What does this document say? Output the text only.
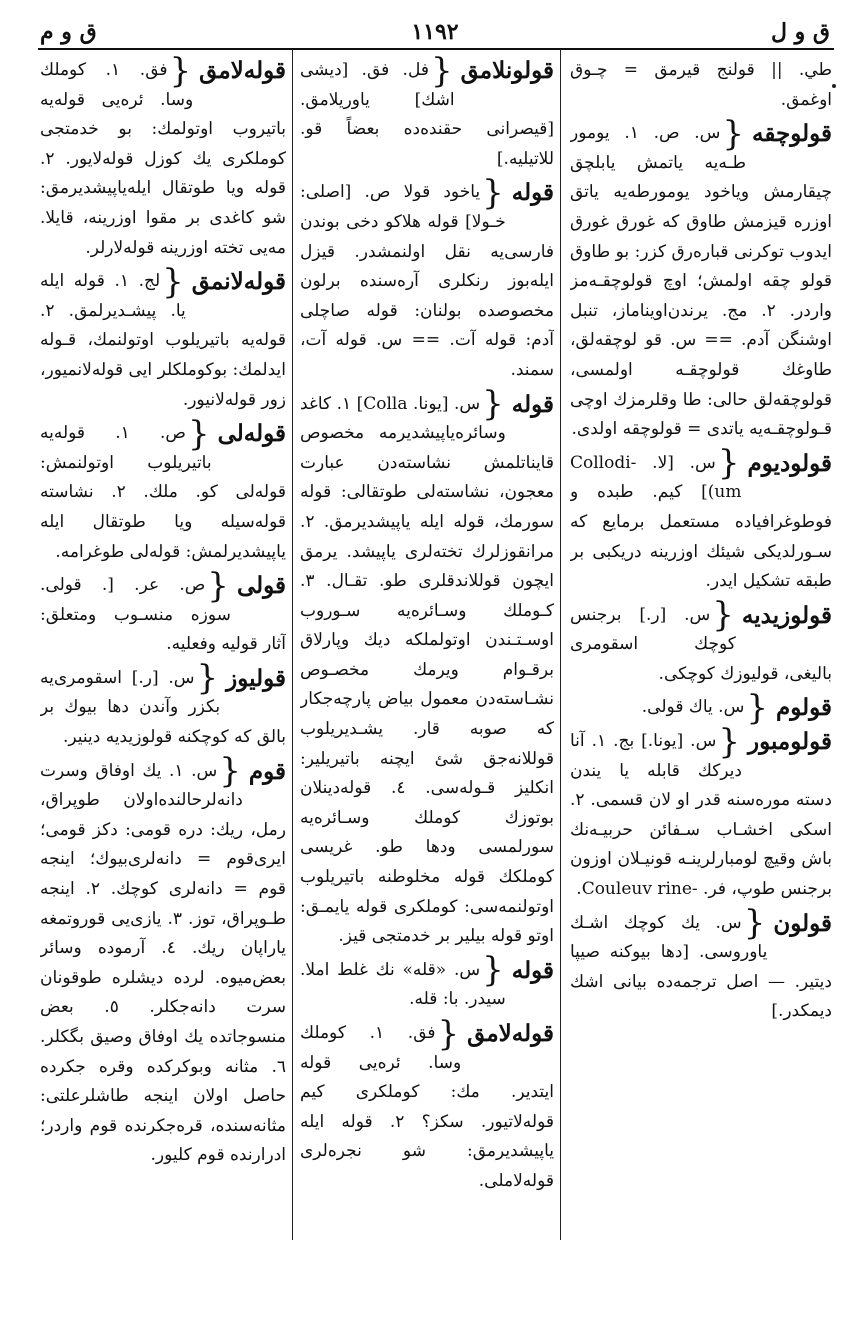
ق و ل
١١٩٢
ق و م
طي. || قولنج قيرمق = چـوق اوغمق.
قولوچقه
{س. ص. ١. يومور طـه‌يه ياتمش يابلچق چيقارمش وياخود يومورطه‌يه ياتق اوزره قيزمش طاوق كه غورق غورق ايدوب توكرنى قباره‌رق كزر: بو طاوق قولو چقه اولمش؛ اوچ قولوچقـه‌مز واردر. ٢. مج. يرندن‌اويناماز، تنبل اوشنگن آدم. == س. قو لوچقه‌لق، طاوغك قولوچقـه اولمسى، قولوچقه‌لق حالى: طا وقلرمزك اوچى قـولوچقـه‌يه ياتدى = قولوچقه اولدى.
قولوديوم
{س. [لا. -Collodi (um] كيم. طبده و فوطوغرافياده مستعمل برمايع كه سـورلديكى شيئك اوزرينه دريكبى بر طبقه تشكيل ايدر.
قولوزيديه
{س. [ر.] برجنس كوچك اسقومرى باليغى، قوليوزك كوچكى.
قولوم
{س. ياك قولى.
قولومبور
{س. [يونا.] بج. ١. آنا ديركك قابله يا يندن دسته موره‌سنه قدر او لان قسمى. ٢. اسكى اخشـاب سـفائن حربيـه‌نك باش وقيچ لومبارلرينـه قونيـلان اوزون برجنس طوپ، فر. -Couleuv rine.
قولون
{س. يك كوچك اشـك ياوروسى. [دها بيوكنه صيپا ديتير. — اصل ترجمه‌ده بيانى اشك ديمكدر.]
قولونلامق
{فل. فق. [ديشى اشك] ياوريلامق. [قيصرانى حقنده‌ده بعضاً قو. للاتيليه.]
قوله
{ياخود قولا ص. [اصلى: خـولا] قوله هلاكو دخى بوندن فارسى‌يه نقل اولنمشدر. قيزل ايله‌بوز رنكلرى آره‌سنده برلون مخصوصده بولنان: قوله صاچلى آدم: قوله آت. == س. قوله آت، سمند.
قوله
{س. [يونا. Colla] ١. كاغد وسائره‌ياپيشديرمه مخصوص قايناتلمش نشاسته‌دن عبارت معجون، نشاسته‌لى طوتقالى: قوله سورمك، قوله ايله ياپيشديرمق. ٢. مرانقوزلرك تخته‌لرى ياپيشد. يرمق ايچون قوللاندقلرى طو. تقـال. ٣. كـوملك وسـائره‌يه سـوروب اوسـتـندن اوتولملكه ديك وپارلاق برقـوام ويرمك مخصـوص نشـاسته‌دن معمول بياض پارچه‌جكار كه صوبه قار. يشـديريلوب قوللانه‌جق شئ ايچنه باتيريلير: انكليز قـوله‌سى. ٤. قوله‌دينلان بوتوزك كوملك وسـائره‌يه سورلمسى ودها طو. غريسى كوملكك قوله مخلوطنه باتيريلوب اوتولنمه‌سى: كوملكرى قوله يايمـق: اوتو قوله بيلير بر خدمتجى قيز.
قوله
{س. «قله» نك غلط املا. سيدر. با: قله.
قوله‌لامق
{فق. ١. كوملك وسا. ئره‌يى قوله ايتدير. مك: كوملكرى كيم قوله‌لاتيور. سكز؟ ٢. قوله ايله ياپيشديرمق: شو نجره‌لرى قوله‌لاملى.
قوله‌لامق
{فق. ١. كوملك وسا. ئره‌يى قوله‌يه باتيروب اوتولمك: بو خدمتجى كوملكرى يك كوزل قوله‌لايور. ٢. قوله ويا طوتقال ايله‌ياپيشديرمق: شو كاغدى بر مقوا اوزرينه، قايلا. مه‌يى تخته اوزرينه قوله‌لارلر.
قوله‌لانمق
{لج. ١. قوله ايله يا. پيشـديرلمق. ٢. قوله‌يه باتيريلوب اوتولنمك، قـوله ايدلمك: بوكوملكلر ايى قوله‌لانميور، زور قوله‌لانيور.
قوله‌لى
{ص. ١. قوله‌يه باتيريلوب اوتولنمش: قوله‌لى كو. ملك. ٢. نشاسته قوله‌سيله ويا طوتقال ايله ياپيشديرلمش: قوله‌لى طوغرامه.
قولى
{ص. عر. [. قولى. سوزه منسـوب ومتعلق: آثار قوليه وفعليه.
قوليوز
{س. [ر.] اسقومرى‌يه بكزر وآندن دها بيوك بر بالق كه كوچكنه قولوزيديه دينير.
قوم
{س. ١. يك اوفاق وسرت دانه‌لرحالنده‌اولان طوپراق، رمل، ريك: دره قومى: دكز قومى؛ ايرى‌قوم = دانه‌لرى‌بيوك؛ اينجه قوم = دانه‌لرى كوچك. ٢. اينجه طـوپراق، توز. ٣. يازى‌يى قوروتمغه ياراپان ريك. ٤. آرموده وسائر بعض‌ميوه. لرده ديشلره طوقونان سرت دانه‌جكلر. ٥. بعض منسوجاتده يك اوفاق وصيق بگكلر. ٦. مثانه وبوكركده وقره جكرده حاصل اولان اينجه طاشلرعلتى: مثانه‌سنده، قره‌جكرنده قوم واردر؛ ادرارنده قوم كليور.
